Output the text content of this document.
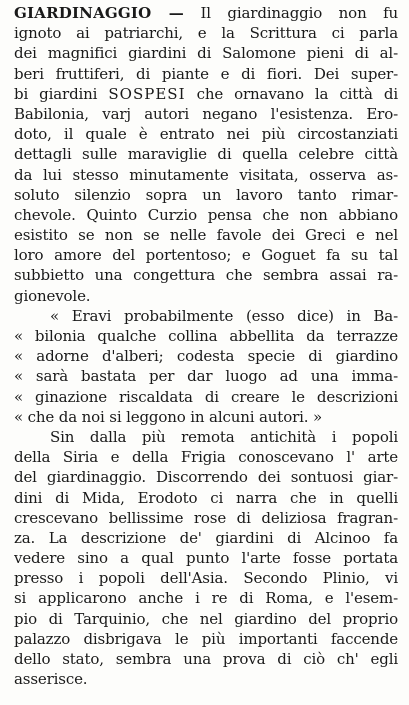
GIARDINAGGIO — Il giardinaggio non fu
ignoto ai patriarchi, e la Scrittura ci parla
dei magnifici giardini di Salomone pieni di al-
beri fruttiferi, di piante e di fiori. Dei super-
bi giardini SOSPESI che ornavano la città di
Babilonia, varj autori negano l'esistenza. Ero-
doto, il quale è entrato nei più circostanziati
dettagli sulle maraviglie di quella celebre città
da lui stesso minutamente visitata, osserva as-
soluto silenzio sopra un lavoro tanto rimar-
chevole. Quinto Curzio pensa che non abbiano
esistito se non se nelle favole dei Greci e nel
loro amore del portentoso; e Goguet fa su tal
subbietto una congettura che sembra assai ra-
gionevole.
« Eravi probabilmente (esso dice) in Ba-
« bilonia qualche collina abbellita da terrazze
« adorne d'alberi; codesta specie di giardino
« sarà bastata per dar luogo ad una imma-
« ginazione riscaldata di creare le descrizioni
« che da noi si leggono in alcuni autori. »
Sin dalla più remota antichità i popoli
della Siria e della Frigia conoscevano l' arte
del giardinaggio. Discorrendo dei sontuosi giar-
dini di Mida, Erodoto ci narra che in quelli
crescevano bellissime rose di deliziosa fragran-
za. La descrizione de' giardini di Alcinoo fa
vedere sino a qual punto l'arte fosse portata
presso i popoli dell'Asia. Secondo Plinio, vi
si applicarono anche i re di Roma, e l'esem-
pio di Tarquinio, che nel giardino del proprio
palazzo disbrigava le più importanti faccende
dello stato, sembra una prova di ciò ch' egli
asserisce.
